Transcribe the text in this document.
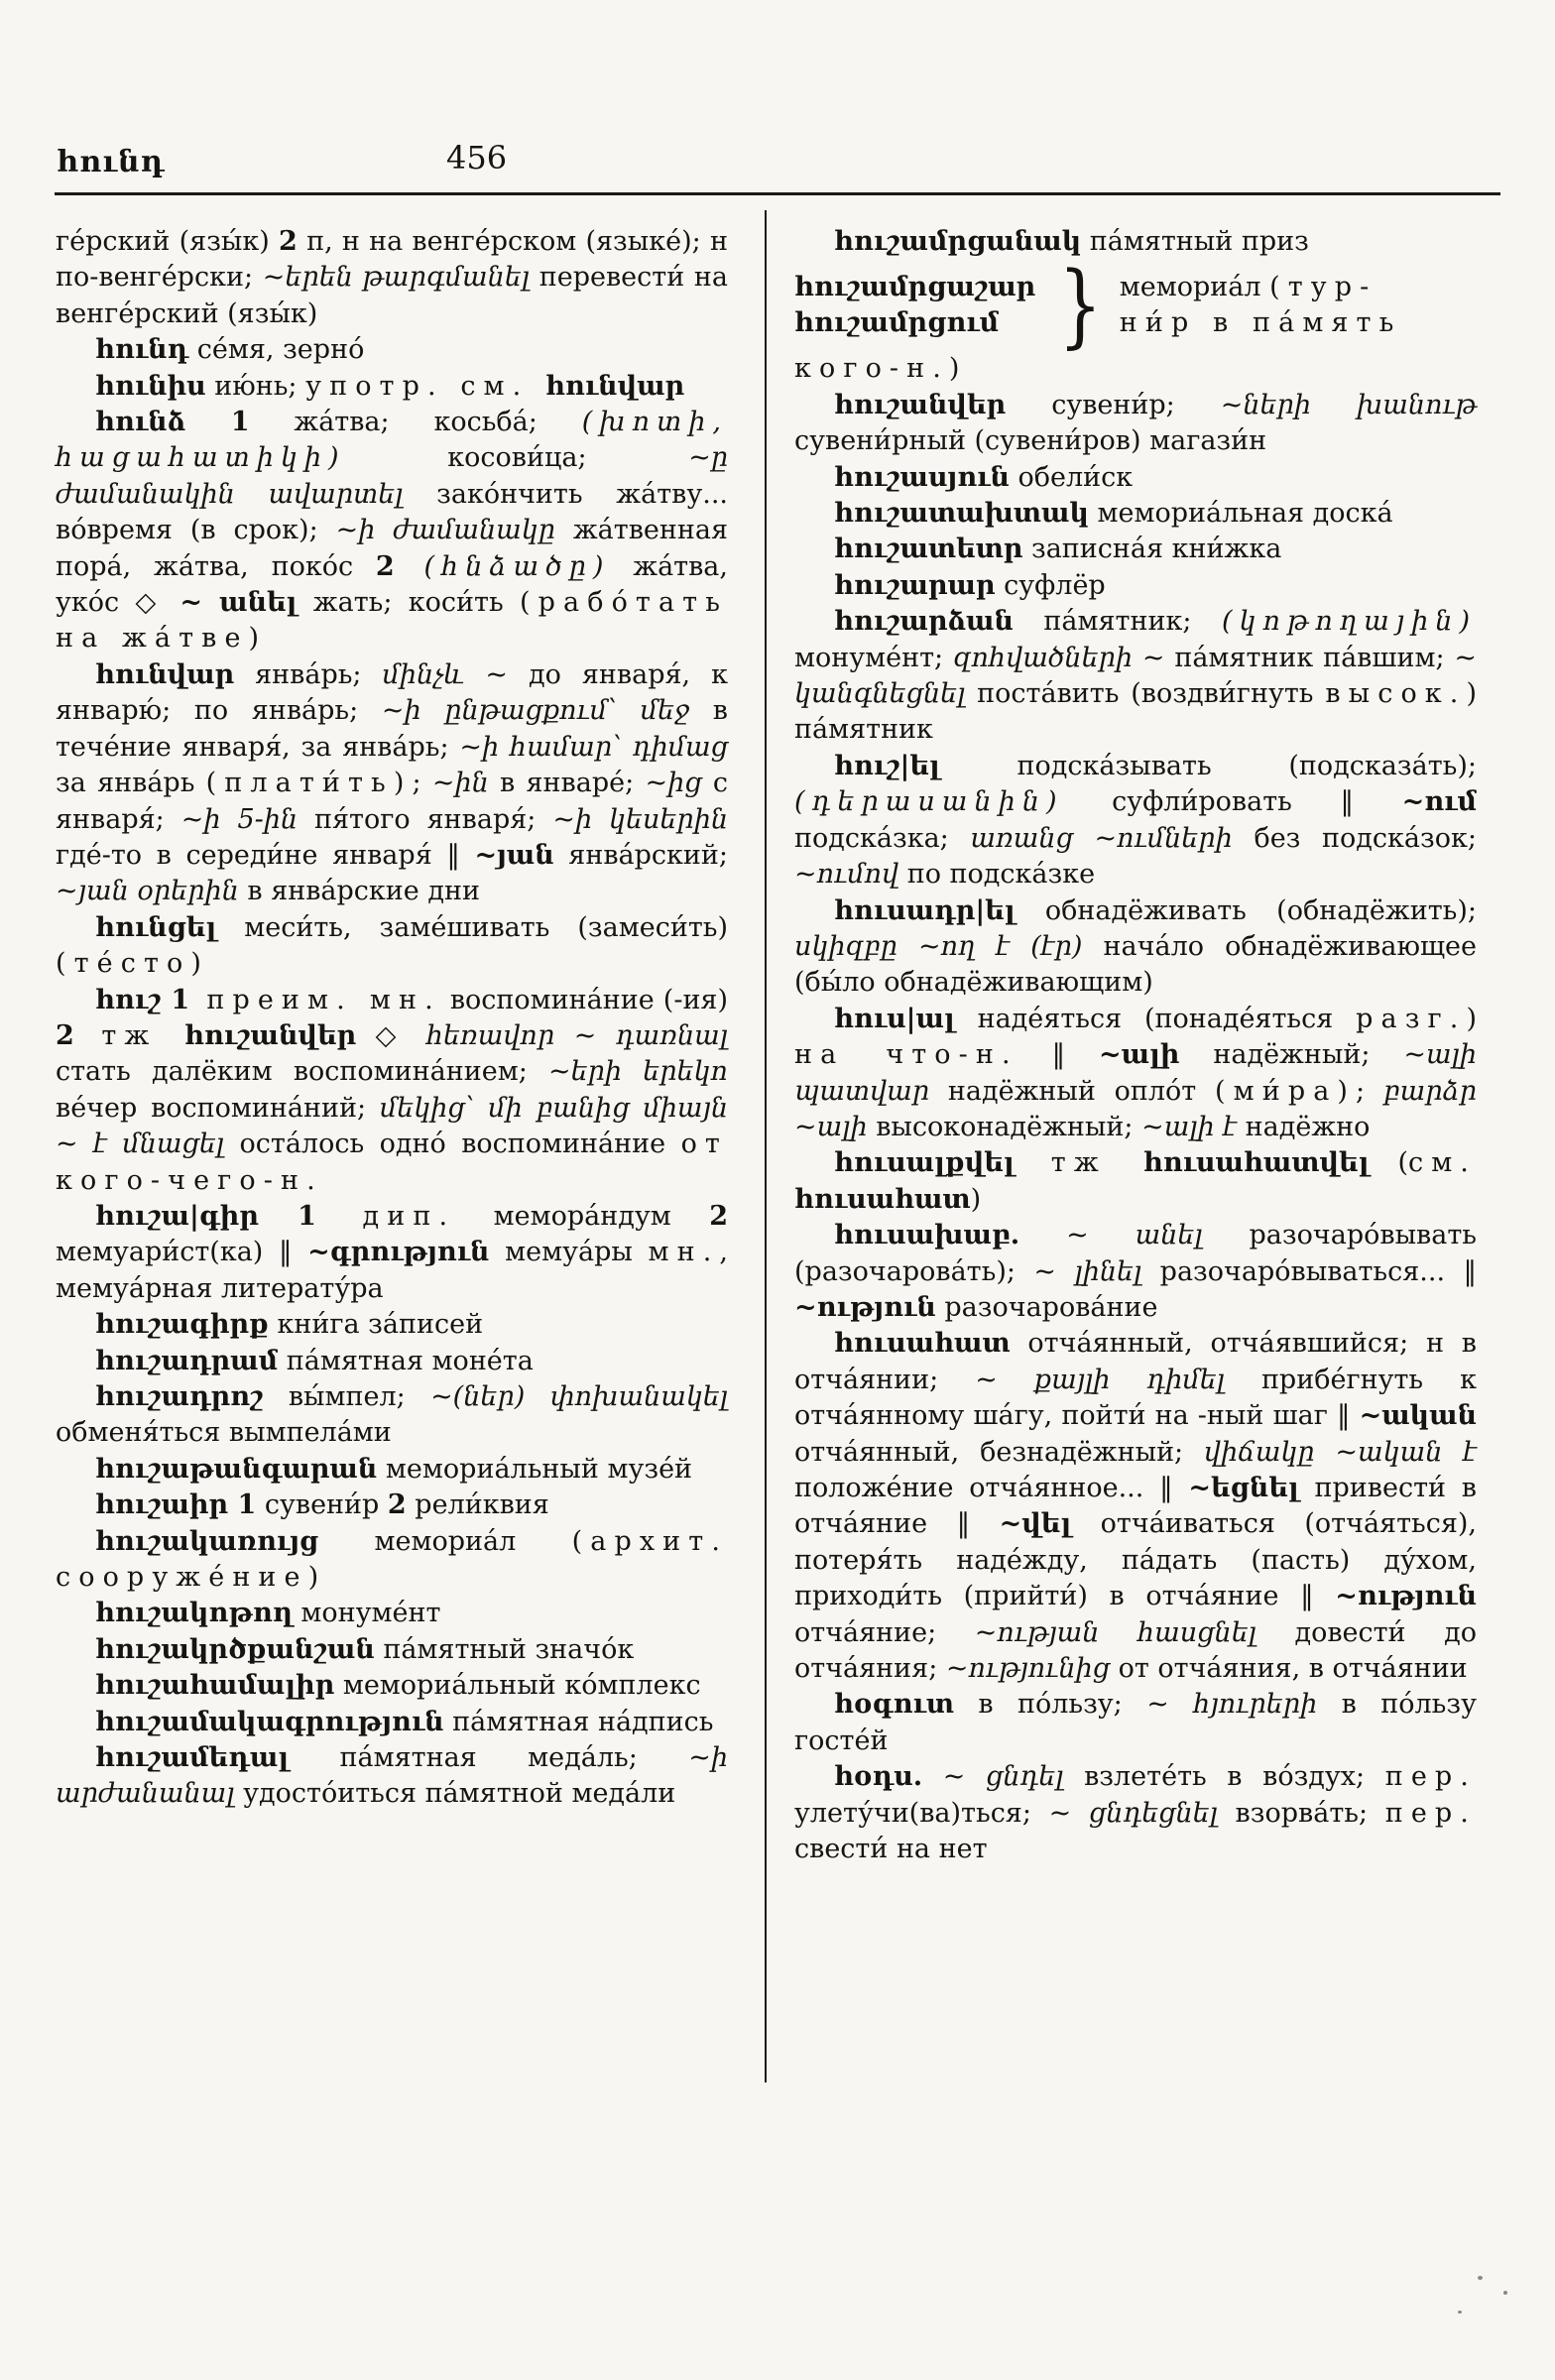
հունդ	456

ге́рский (язы́к) 2 п, н на венге́рском (языке́); н по-венге́рски; ~երեն թարգմանել перевести́ на венге́рский (язы́к)

հունդ се́мя, зерно́

հունիս ию́нь; употр. см. հունվար

հունձ 1 жа́тва; косьба́; (խոտի, հացահատիկի) косови́ца; ~ը ժամանակին ավարտել зако́нчить жа́тву... во́время (в срок); ~ի ժամանակը жа́твенная пора́, жа́тва, поко́с 2 (հնձածը) жа́тва, уко́с ◇ ~ անել жать; коси́ть (рабо́тать на жа́тве)

հունվար янва́рь; մինչև ~ до января́, к январю́; по янва́рь; ~ի ընթացքում՝ մեջ в тече́ние января́, за янва́рь; ~ի համար՝ դիմաց за янва́рь (плати́ть); ~ին в январе́; ~ից с января́; ~ի 5-ին пя́того января́; ~ի կեսերին где́-то в середи́не января́ ‖ ~յան янва́рский; ~յան օրերին в янва́рские дни

հունցել меси́ть, заме́шивать (замеси́ть) (те́сто)

հուշ 1 преим. мн. воспомина́ние (-ия) 2 тж հուշանվեր ◇ հեռավոր ~ դառնալ стать далёким воспомина́нием; ~երի երեկո ве́чер воспомина́ний; մեկից՝ մի բանից միայն ~ է մնացել оста́лось одно́ воспомина́ние от кого-чего-н.

հուշա|գիր 1 дип. мемора́ндум 2 мемуари́ст(ка) ‖ ~գրություն мемуа́ры мн., мемуа́рная литерату́ра

հուշագիրք кни́га за́писей

հուշադրամ па́мятная моне́та

հուշադրոշ вы́мпел; ~(ներ) փոխանակել обменя́ться вымпела́ми

հուշաթանգարան мемориа́льный музе́й

հուշաիր 1 сувени́р 2 рели́квия

հուշակառույց мемориа́л (архит. сооруже́ние)

հուշակոթող монуме́нт

հուշակրծքանշան па́мятный значо́к

հուշահամալիր мемориа́льный ко́мплекс

հուշամակագրություն па́мятная на́дпись

հուշամեդալ па́мятная меда́ль; ~ի արժանանալ удосто́иться па́мятной меда́ли

հուշամրցանակ па́мятный приз

հուշամրցաշար
հուշամրցում } мемориа́л (тур-
ни́р в па́мять

кого-н.)

հուշանվեր сувени́р; ~ների խանութ сувени́рный (сувени́ров) магази́н

հուշասյուն обели́ск

հուշատախտակ мемориа́льная доска́

հուշատետր записна́я кни́жка

հուշարար суфлёр

հուշարձան па́мятник; (կոթողային) монуме́нт; զոհվածների ~ па́мятник па́вшим; ~ կանգնեցնել поста́вить (воздви́гнуть высок.) па́мятник

հուշ|ել подска́зывать (подсказа́ть); (դերասանին) суфли́ровать ‖ ~ում подска́зка; առանց ~ումների без подска́зок; ~ումով по подска́зке

հուսադր|ել обнадёживать (обнадёжить); սկիզբը ~ող է (էր) нача́ло обнадёживающее (бы́ло обнадёживающим)

հուս|ալ наде́яться (понаде́яться разг.) на что-н. ‖ ~ալի надёжный; ~ալի պատվար надёжный опло́т (ми́ра); բարձր ~ալի высоконадёжный; ~ալի է надёжно

հուսալքվել тж հուսահատվել (см. հուսահատ)

հուսախաբ. ~ անել разочаро́вывать (разочарова́ть); ~ լինել разочаро́вываться... ‖ ~ություն разочарова́ние

հուսահատ отча́янный, отча́явшийся; н в отча́янии; ~ քայլի դիմել прибе́гнуть к отча́янному ша́гу, пойти́ на -ный шаг ‖ ~ական отча́янный, безнадёжный; վիճակը ~ական է положе́ние отча́янное... ‖ ~եցնել привести́ в отча́яние ‖ ~վել отча́иваться (отча́яться), потеря́ть наде́жду, па́дать (пасть) ду́хом, приходи́ть (прийти́) в отча́яние ‖ ~ություն отча́яние; ~ության հասցնել довести́ до отча́яния; ~ությունից от отча́яния, в отча́янии

հօգուտ в по́льзу; ~ հյուրերի в по́льзу госте́й

հօդս. ~ ցնդել взлете́ть в во́здух; пер. улету́чи(ва)ться; ~ ցնդեցնել взорва́ть; пер. свести́ на нет
